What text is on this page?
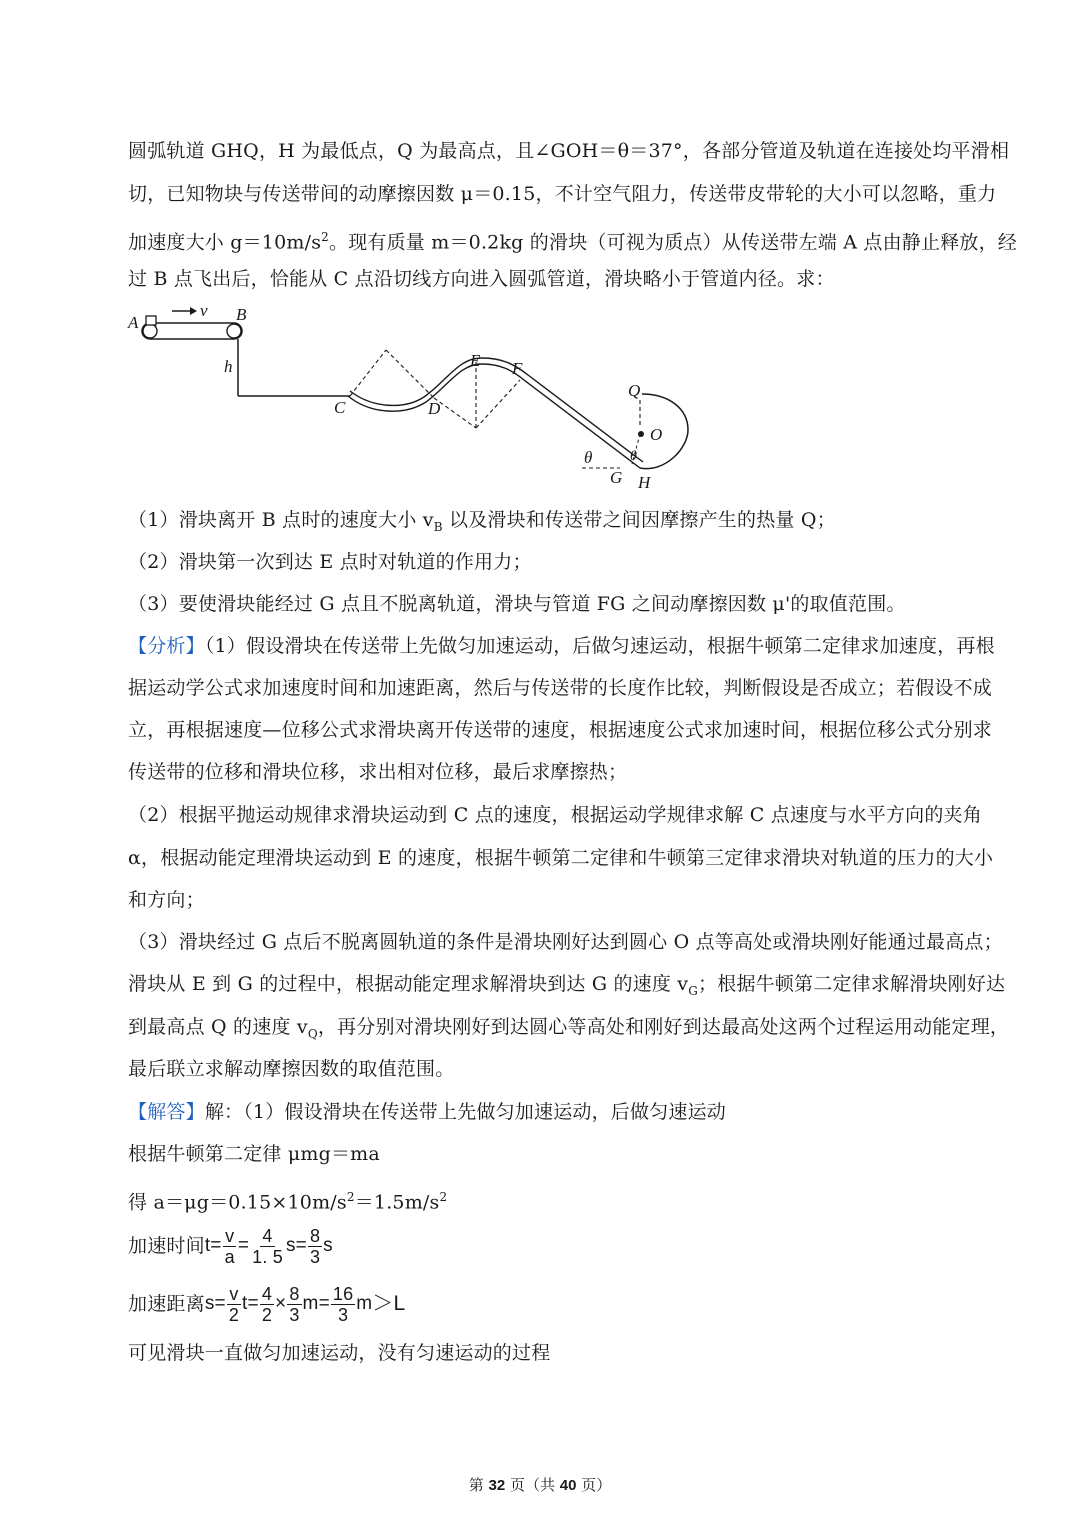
圆弧轨道 GHQ，H 为最低点，Q 为最高点，且∠GOH＝θ＝37°，各部分管道及轨道在连接处均平滑相
切，已知物块与传送带间的动摩擦因数 μ＝0.15，不计空气阻力，传送带皮带轮的大小可以忽略，重力
加速度大小 $g=10m/s^2$。现有质量 m＝0.2kg 的滑块（可视为质点）从传送带左端 A 点由静止释放，经
过 B 点飞出后，恰能从 C 点沿切线方向进入圆弧管道，滑块略小于管道内径。求：
v
A	B
h
C	D
E F
Q
O
θ	θ
G H
（1）滑块离开 B 点时的速度大小 $v_B$ 以及滑块和传送带之间因摩擦产生的热量 Q；
（2）滑块第一次到达 E 点时对轨道的作用力；
（3）要使滑块能经过 G 点且不脱离轨道，滑块与管道 FG 之间动摩擦因数 μ'的取值范围。
【分析】（1）假设滑块在传送带上先做匀加速运动，后做匀速运动，根据牛顿第二定律求加速度，再根
据运动学公式求加速度时间和加速距离，然后与传送带的长度作比较，判断假设是否成立；若假设不成
立，再根据速度—位移公式求滑块离开传送带的速度，根据速度公式求加速时间，根据位移公式分别求
传送带的位移和滑块位移，求出相对位移，最后求摩擦热；
（2）根据平抛运动规律求滑块运动到 C 点的速度，根据运动学规律求解 C 点速度与水平方向的夹角
α，根据动能定理滑块运动到 E 的速度，根据牛顿第二定律和牛顿第三定律求滑块对轨道的压力的大小
和方向；
（3）滑块经过 G 点后不脱离圆轨道的条件是滑块刚好达到圆心 O 点等高处或滑块刚好能通过最高点；
滑块从 E 到 G 的过程中，根据动能定理求解滑块到达 G 的速度 $v_G$；根据牛顿第二定律求解滑块刚好达
到最高点 Q 的速度 $v_Q$，再分别对滑块刚好到达圆心等高处和刚好到达最高处这两个过程运用动能定理，
最后联立求解动摩擦因数的取值范围。
【解答】解：（1）假设滑块在传送带上先做匀加速运动，后做匀速运动
根据牛顿第二定律 μmg＝ma
得 $a=\mu g=0.15\times 10m/s^2=1.5m/s^2$
加速时间$t= \frac{v}{a} = \frac{4}{1. 5} s= \frac{8}{3}$ s
加速距离$s= \frac{v}{2} t= \frac{4}{2} \times \frac{8}{3} m= \frac{16}{3} m>L$
可见滑块一直做匀加速运动，没有匀速运动的过程
第 32 页（共 40 页）
